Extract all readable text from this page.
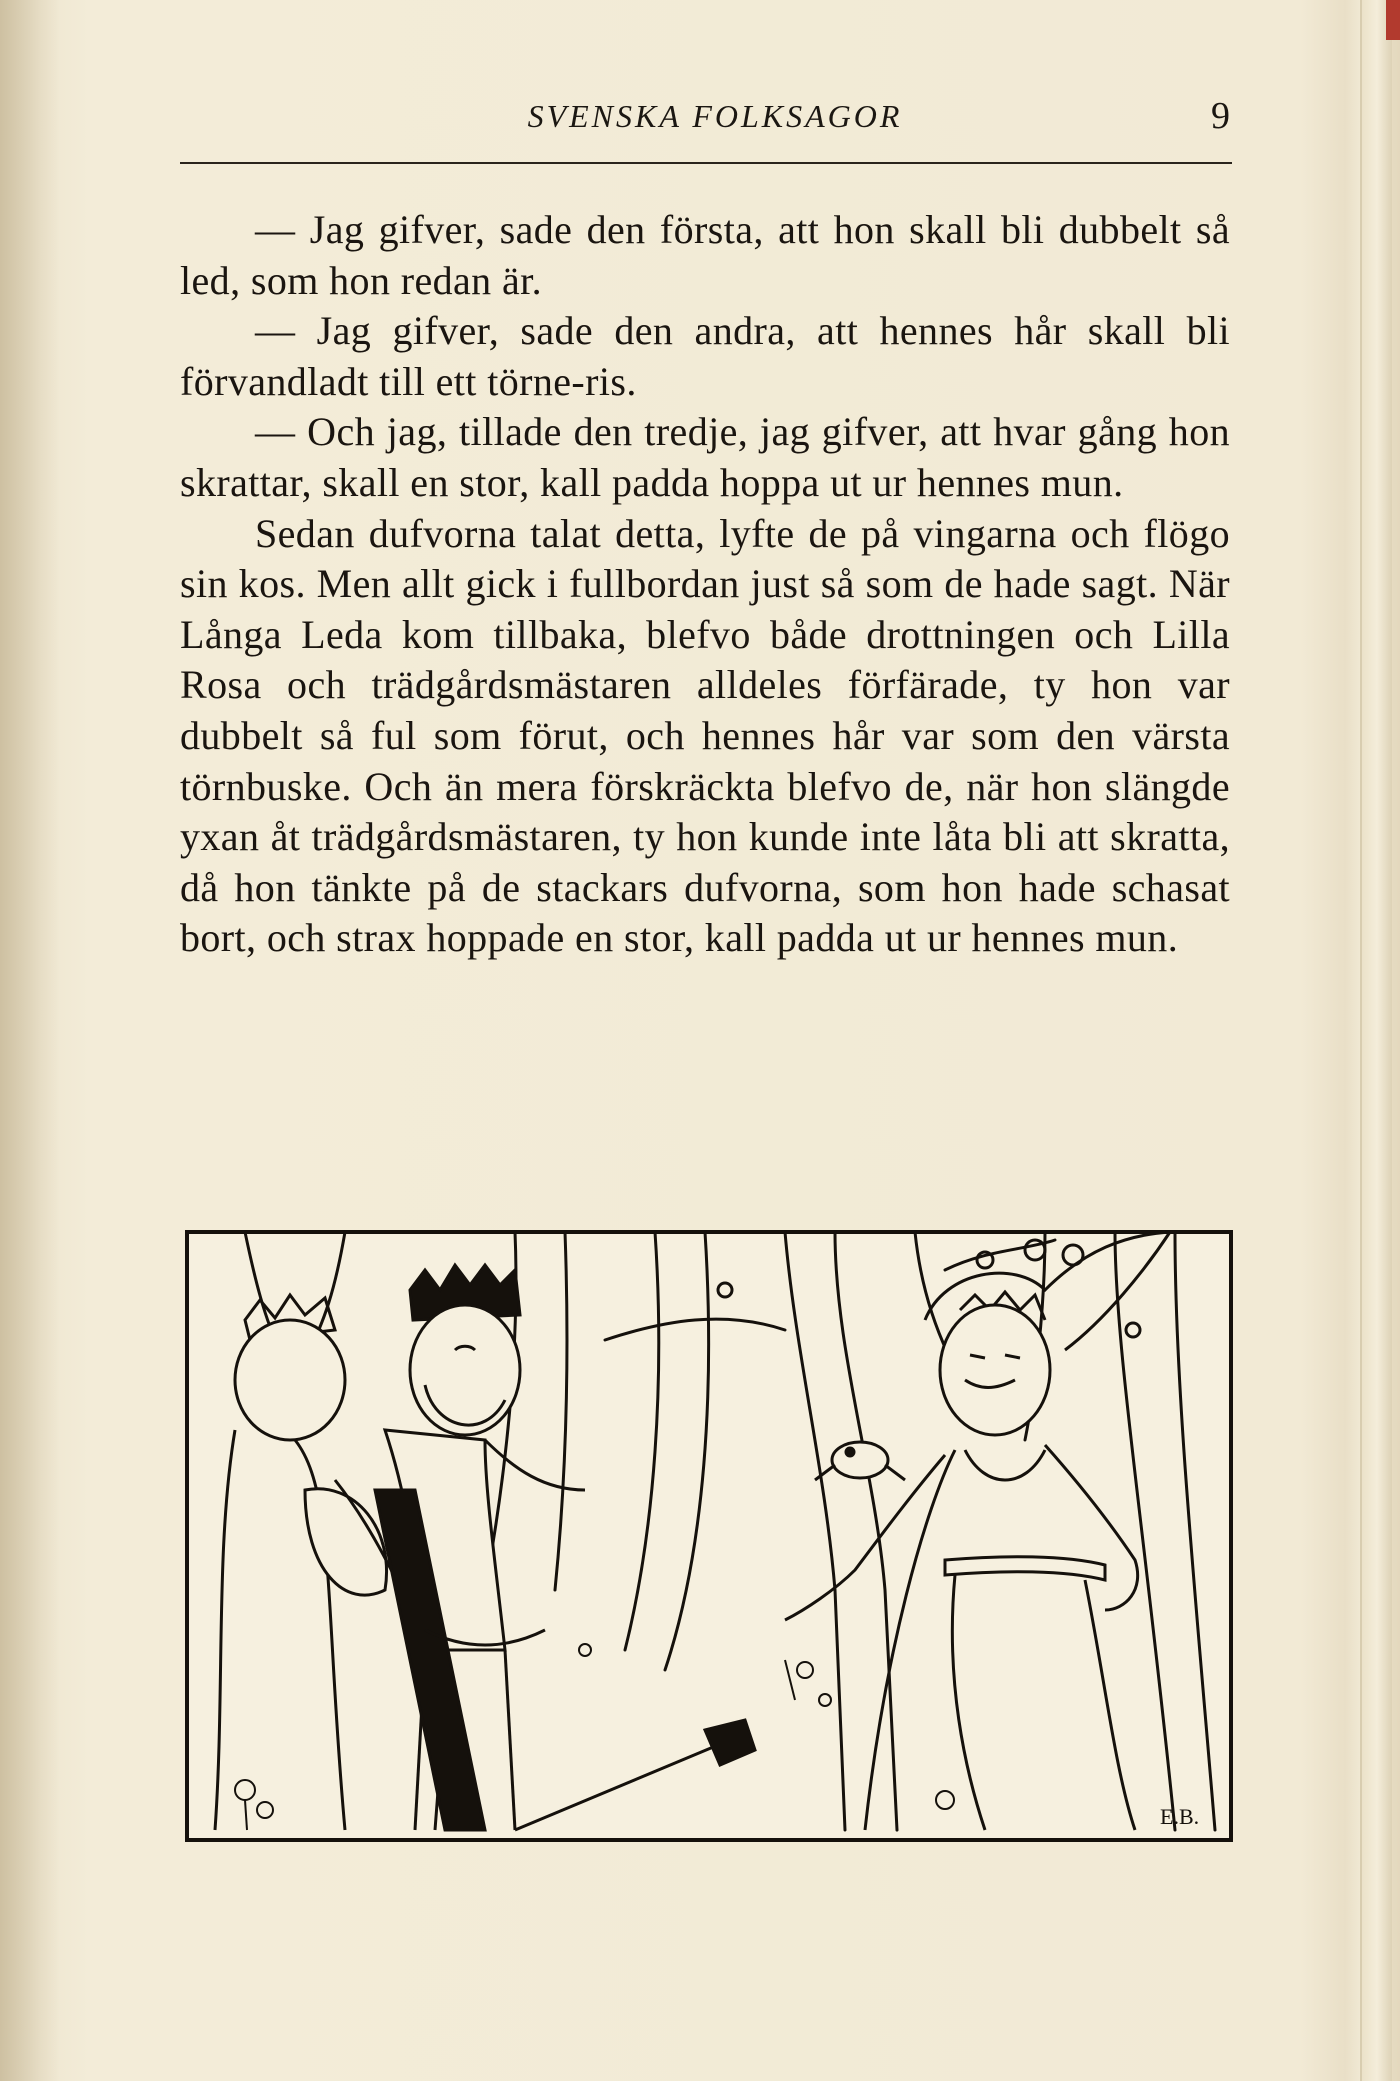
SVENSKA FOLKSAGOR	9

— Jag gifver, sade den första, att hon skall bli dubbelt så led, som hon redan är.

— Jag gifver, sade den andra, att hennes hår skall bli förvandladt till ett törne-ris.

— Och jag, tillade den tredje, jag gifver, att hvar gång hon skrattar, skall en stor, kall padda hoppa ut ur hennes mun.

Sedan dufvorna talat detta, lyfte de på vingarna och flögo sin kos. Men allt gick i fullbordan just så som de hade sagt. När Långa Leda kom tillbaka, blefvo både drottningen och Lilla Rosa och trädgårdsmästaren alldeles förfärade, ty hon var dubbelt så ful som förut, och hennes hår var som den värsta törnbuske. Och än mera förskräckta blefvo de, när hon slängde yxan åt trädgårdsmästaren, ty hon kunde inte låta bli att skratta, då hon tänkte på de stackars dufvorna, som hon hade schasat bort, och strax hoppade en stor, kall padda ut ur hennes mun.

E.B.
